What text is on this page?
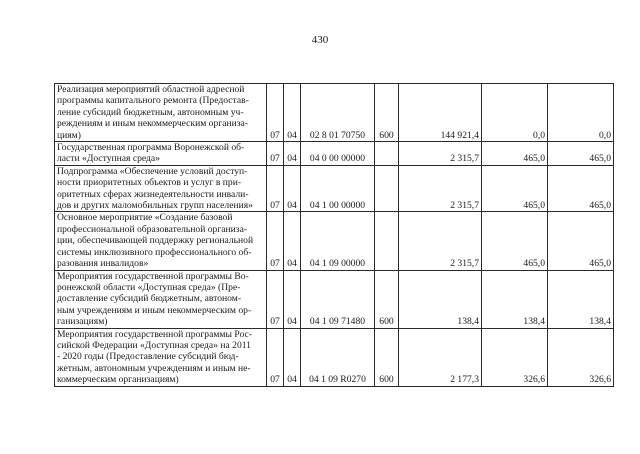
430
Реализация мероприятий областной адресной
программы капитального ремонта (Предостав-
ление субсидий бюджетным, автономным уч-
реждениям и иным некоммерческим организа-
циям)	07	04	02 8 01 70750	600	144 921,4	0,0	0,0

Государственная программа Воронежской об-
ласти «Доступная среда»	07	04	04 0 00 00000		2 315,7	465,0	465,0

Подпрограмма «Обеспечение условий доступ-
ности приоритетных объектов и услуг в при-
оритетных сферах жизнедеятельности инвали-
дов и других маломобильных групп населения»	07	04	04 1 00 00000		2 315,7	465,0	465,0

Основное мероприятие «Создание базовой
профессиональной образовательной организа-
ции, обеспечивающей поддержку региональной
системы инклюзивного профессионального об-
разования инвалидов»	07	04	04 1 09 00000		2 315,7	465,0	465,0

Мероприятия государственной программы Во-
ронежской области «Доступная среда» (Пре-
доставление субсидий бюджетным, автоном-
ным учреждениям и иным некоммерческим ор-
ганизациям)	07	04	04 1 09 71480	600	138,4	138,4	138,4

Мероприятия государственной программы Рос-
сийской Федерации «Доступная среда» на 2011
- 2020 годы (Предоставление субсидий бюд-
жетным, автономным учреждениям и иным не-
коммерческим организациям)	07	04	04 1 09 R0270	600	2 177,3	326,6	326,6
